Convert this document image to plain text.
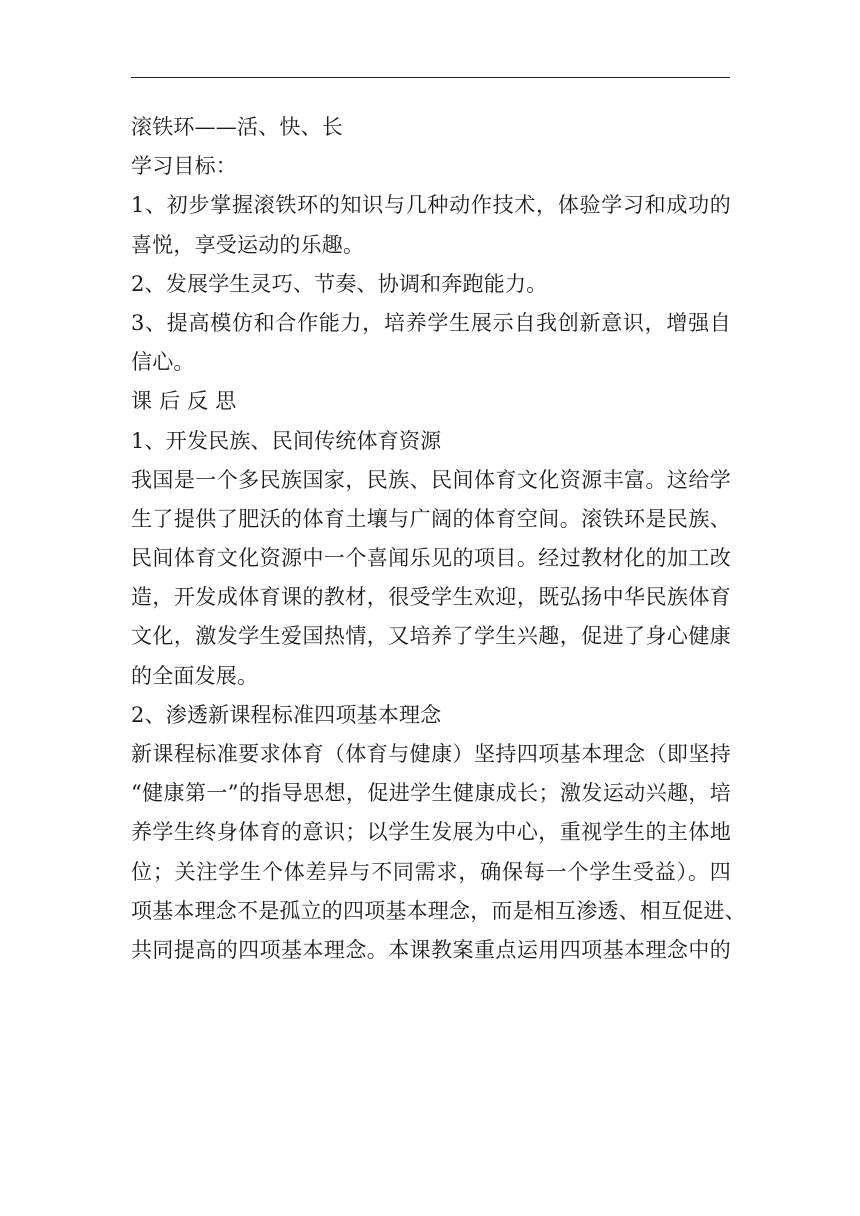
滚铁环——活、快、长
学习目标：
1、初步掌握滚铁环的知识与几种动作技术，体验学习和成功的
喜悦，享受运动的乐趣。
2、发展学生灵巧、节奏、协调和奔跑能力。
3、提高模仿和合作能力，培养学生展示自我创新意识，增强自
信心。
课 后 反 思
1、开发民族、民间传统体育资源
我国是一个多民族国家，民族、民间体育文化资源丰富。这给学
生了提供了肥沃的体育土壤与广阔的体育空间。滚铁环是民族、
民间体育文化资源中一个喜闻乐见的项目。经过教材化的加工改
造，开发成体育课的教材，很受学生欢迎，既弘扬中华民族体育
文化，激发学生爱国热情，又培养了学生兴趣，促进了身心健康
的全面发展。
2、渗透新课程标准四项基本理念
新课程标准要求体育（体育与健康）坚持四项基本理念（即坚持
“健康第一”的指导思想，促进学生健康成长；激发运动兴趣，培
养学生终身体育的意识；以学生发展为中心，重视学生的主体地
位；关注学生个体差异与不同需求，确保每一个学生受益）。四
项基本理念不是孤立的四项基本理念，而是相互渗透、相互促进、
共同提高的四项基本理念。本课教案重点运用四项基本理念中的
